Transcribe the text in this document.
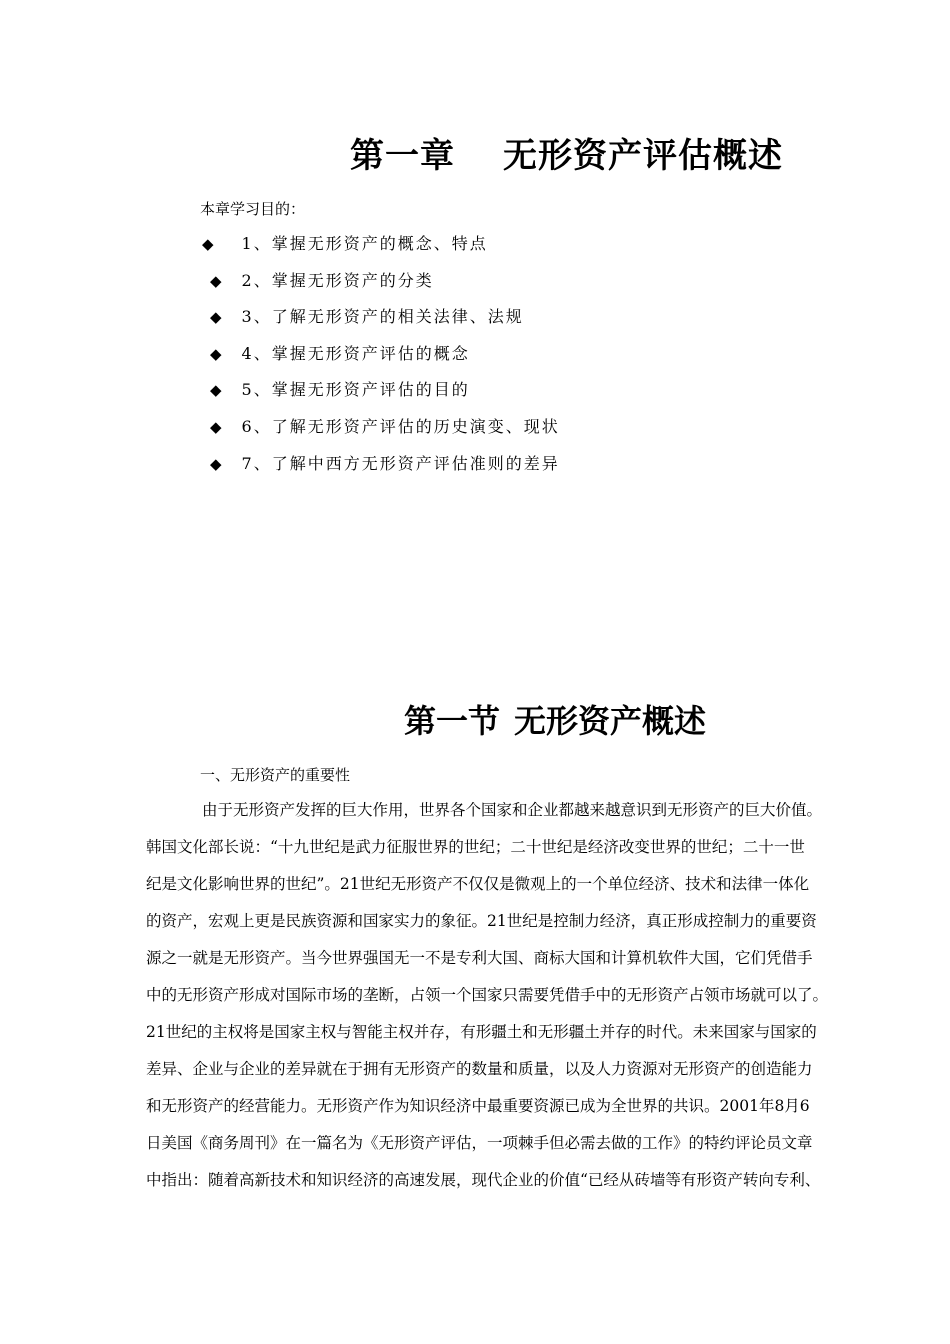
第一章 无形资产评估概述
本章学习目的：
◆ 1、掌握无形资产的概念、特点
◆ 2、掌握无形资产的分类
◆ 3、了解无形资产的相关法律、法规
◆ 4、掌握无形资产评估的概念
◆ 5、掌握无形资产评估的目的
◆ 6、了解无形资产评估的历史演变、现状
◆ 7、了解中西方无形资产评估准则的差异
第一节 无形资产概述
一、无形资产的重要性
由于无形资产发挥的巨大作用，世界各个国家和企业都越来越意识到无形资产的巨大价值。
韩国文化部长说：“十九世纪是武力征服世界的世纪；二十世纪是经济改变世界的世纪；二十一世
纪是文化影响世界的世纪”。21世纪无形资产不仅仅是微观上的一个单位经济、技术和法律一体化
的资产，宏观上更是民族资源和国家实力的象征。21世纪是控制力经济，真正形成控制力的重要资
源之一就是无形资产。当今世界强国无一不是专利大国、商标大国和计算机软件大国，它们凭借手
中的无形资产形成对国际市场的垄断，占领一个国家只需要凭借手中的无形资产占领市场就可以了。
21世纪的主权将是国家主权与智能主权并存，有形疆土和无形疆土并存的时代。未来国家与国家的
差异、企业与企业的差异就在于拥有无形资产的数量和质量，以及人力资源对无形资产的创造能力
和无形资产的经营能力。无形资产作为知识经济中最重要资源已成为全世界的共识。2001年8月6
日美国《商务周刊》在一篇名为《无形资产评估，一项棘手但必需去做的工作》的特约评论员文章
中指出：随着高新技术和知识经济的高速发展，现代企业的价值“已经从砖墙等有形资产转向专利、
